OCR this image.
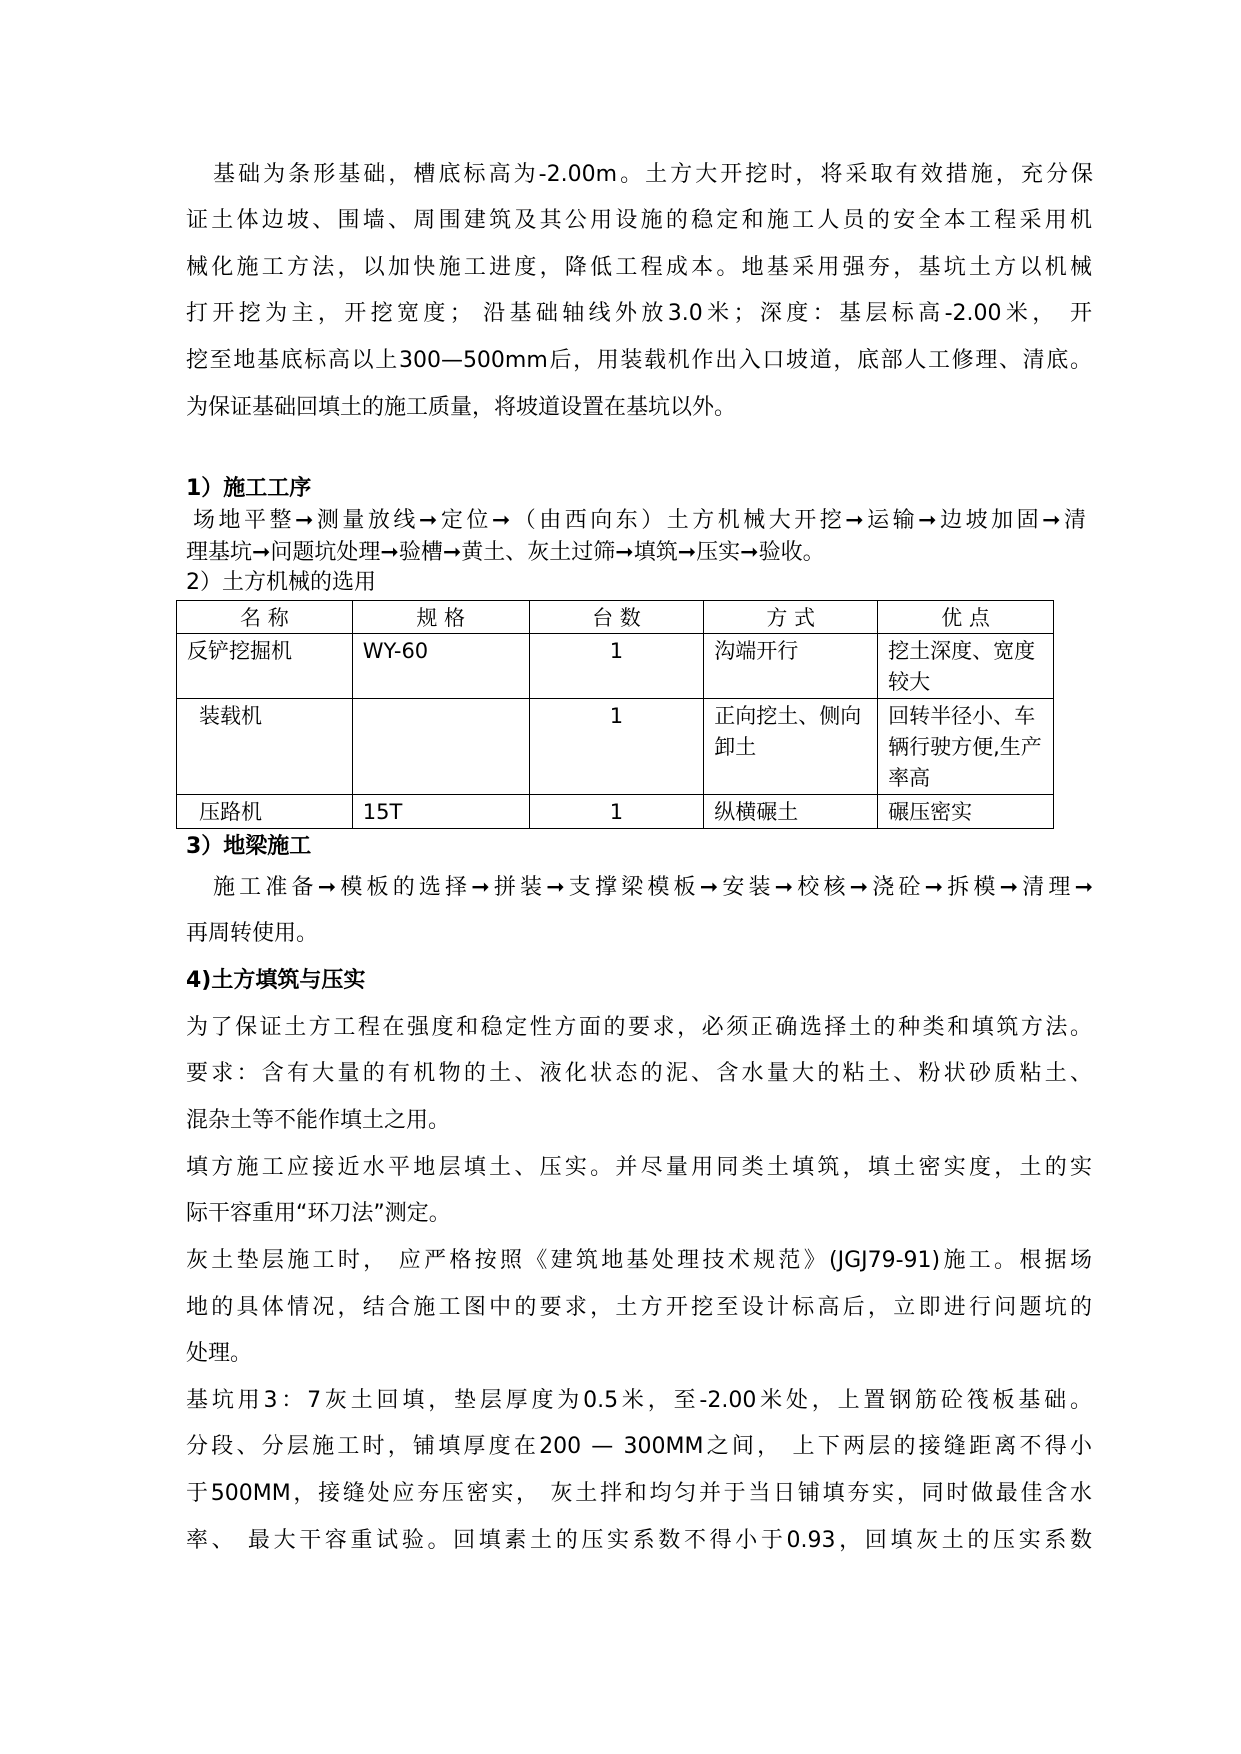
基础为条形基础，槽底标高为-2.00m。土方大开挖时，将采取有效措施，充分保
证土体边坡、围墙、周围建筑及其公用设施的稳定和施工人员的安全本工程采用机
械化施工方法，以加快施工进度，降低工程成本。地基采用强夯，基坑土方以机械
打开挖为主，开挖宽度； 沿基础轴线外放3.0米；深度：基层标高-2.00米， 开
挖至地基底标高以上300—500mm后，用装载机作出入口坡道，底部人工修理、清底。
为保证基础回填土的施工质量，将坡道设置在基坑以外。
1）施工工序
场地平整➞测量放线➞定位➞（由西向东）土方机械大开挖➞运输➞边坡加固➞清
理基坑➞问题坑处理➞验槽➞黄土、灰土过筛➞填筑➞压实➞验收。
2）土方机械的选用
名 称	规 格	台 数	方 式	优 点
反铲挖掘机	WY-60	1	沟端开行	挖土深度、宽度较大
装载机		1	正向挖土、侧向卸土	回转半径小、车辆行驶方便,生产率高
压路机	15T	1	纵横碾土	碾压密实
3）地梁施工
施工准备➞模板的选择➞拼装➞支撑梁模板➞安装➞校核➞浇砼➞拆模➞清理➞
再周转使用。
4)土方填筑与压实
为了保证土方工程在强度和稳定性方面的要求，必须正确选择土的种类和填筑方法。
要求：含有大量的有机物的土、液化状态的泥、含水量大的粘土、粉状砂质粘土、
混杂土等不能作填土之用。
填方施工应接近水平地层填土、压实。并尽量用同类土填筑，填土密实度，土的实
际干容重用“环刀法”测定。
灰土垫层施工时， 应严格按照《建筑地基处理技术规范》(JGJ79-91)施工。根据场
地的具体情况，结合施工图中的要求，土方开挖至设计标高后，立即进行问题坑的
处理。
基坑用3：7灰土回填，垫层厚度为0.5米，至-2.00米处，上置钢筋砼筏板基础。
分段、分层施工时，铺填厚度在200 — 300MM之间， 上下两层的接缝距离不得小
于500MM，接缝处应夯压密实， 灰土拌和均匀并于当日铺填夯实，同时做最佳含水
率、 最大干容重试验。回填素土的压实系数不得小于0.93，回填灰土的压实系数
